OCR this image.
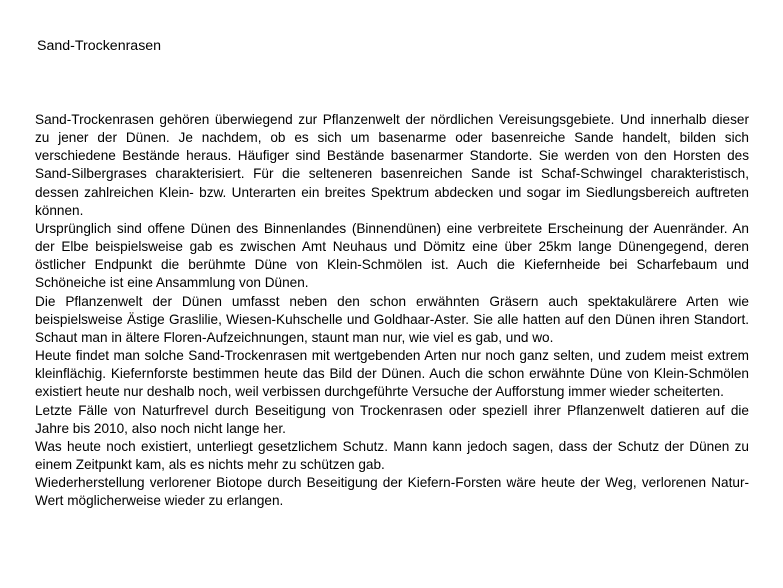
Sand-Trockenrasen

Sand-Trockenrasen gehören überwiegend zur Pflanzenwelt der nördlichen Vereisungsgebiete. Und innerhalb dieser zu jener der Dünen. Je nachdem, ob es sich um basenarme oder basenreiche Sande handelt, bilden sich verschiedene Bestände heraus. Häufiger sind Bestände basenarmer Standorte. Sie werden von den Horsten des Sand-Silbergrases charakterisiert. Für die selteneren basenreichen Sande ist Schaf-Schwingel charakteristisch, dessen zahlreichen Klein- bzw. Unterarten ein breites Spektrum abdecken und sogar im Siedlungsbereich auftreten können.

Ursprünglich sind offene Dünen des Binnenlandes (Binnendünen) eine verbreitete Erscheinung der Auenränder. An der Elbe beispielsweise gab es zwischen Amt Neuhaus und Dömitz eine über 25km lange Dünengegend, deren östlicher Endpunkt die berühmte Düne von Klein-Schmölen ist. Auch die Kiefernheide bei Scharfebaum und Schöneiche ist eine Ansammlung von Dünen.

Die Pflanzenwelt der Dünen umfasst neben den schon erwähnten Gräsern auch spektakulärere Arten wie beispielsweise Ästige Graslilie, Wiesen-Kuhschelle und Goldhaar-Aster. Sie alle hatten auf den Dünen ihren Standort. Schaut man in ältere Floren-Aufzeichnungen, staunt man nur, wie viel es gab, und wo.

Heute findet man solche Sand-Trockenrasen mit wertgebenden Arten nur noch ganz selten, und zudem meist extrem kleinflächig. Kiefernforste bestimmen heute das Bild der Dünen. Auch die schon erwähnte Düne von Klein-Schmölen existiert heute nur deshalb noch, weil verbissen durchgeführte Versuche der Aufforstung immer wieder scheiterten.

Letzte Fälle von Naturfrevel durch Beseitigung von Trockenrasen oder speziell ihrer Pflanzenwelt datieren auf die Jahre bis 2010, also noch nicht lange her.

Was heute noch existiert, unterliegt gesetzlichem Schutz. Mann kann jedoch sagen, dass der Schutz der Dünen zu einem Zeitpunkt kam, als es nichts mehr zu schützen gab.

Wiederherstellung verlorener Biotope durch Beseitigung der Kiefern-Forsten wäre heute der Weg, verlorenen Natur-Wert möglicherweise wieder zu erlangen.
